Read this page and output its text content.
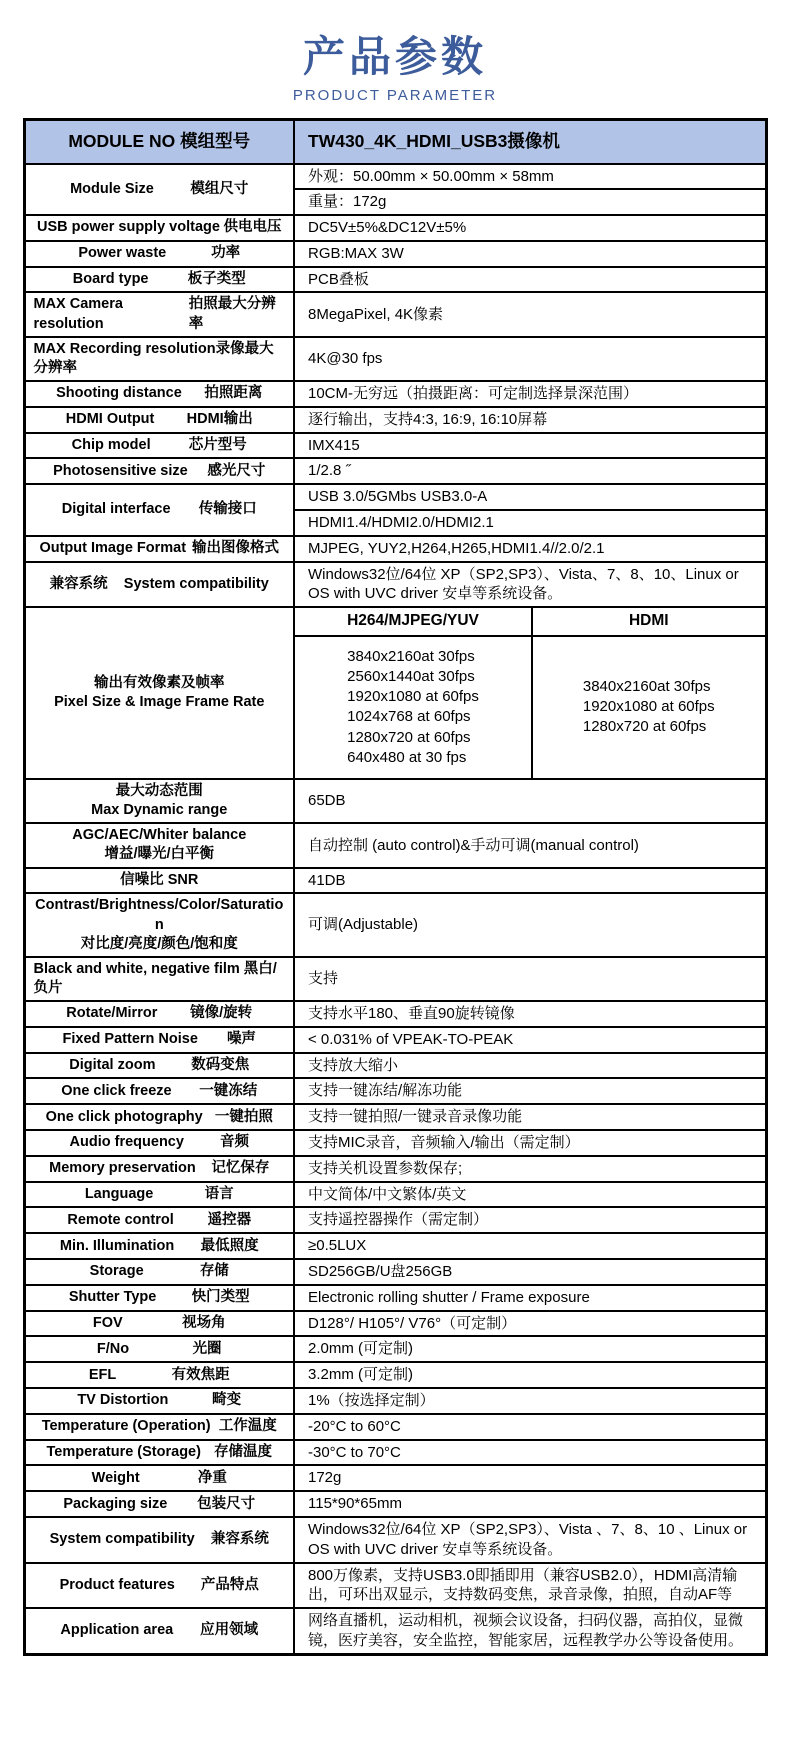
产品参数
PRODUCT PARAMETER
MODULE NO 模组型号	TW430_4K_HDMI_USB3摄像机	

Module Size 模组尺寸	外观：50.00mm × 50.00mm × 58mm	
	重量：172g	

USB power supply voltage 供电电压	DC5V±5%&DC12V±5%	

Power waste 功率	RGB:MAX 3W	

Board type 板子类型	PCB叠板	

MAX Camera resolution
拍照最大分辨率	8MegaPixel, 4K像素	

MAX Recording resolution录像最大分辨率	4K@30 fps	

Shooting distance 拍照距离	10CM-无穷远（拍摄距离：可定制选择景深范围）	

HDMI Output HDMI输出	逐行输出，支持4:3, 16:9, 16:10屏幕	

Chip model 芯片型号	IMX415	

Photosensitive size 感光尺寸	1/2.8 ˝	

Digital interface 传输接口	USB 3.0/5GMbs USB3.0-A	
	HDMI1.4/HDMI2.0/HDMI2.1	

Output Image Format 输出图像格式	MJPEG, YUY2,H264,H265,HDMI1.4//2.0/2.1	

兼容系统 System compatibility	Windows32位/64位 XP（SP2,SP3）、Vista、7、8、10、Linux or OS with UVC driver 安卓等系统设备。	

输出有效像素及帧率
Pixel Size & Image Frame Rate	H264/MJPEG/YUV	HDMI

3840x2160at 30fps
2560x1440at 30fps
1920x1080 at 60fps
1024x768 at 60fps
1280x720 at 60fps
640x480 at 30 fps

3840x2160at 30fps
1920x1080 at 60fps
1280x720 at 60fps

最大动态范围
Max Dynamic range	65DB	

AGC/AEC/Whiter balance
增益/曝光/白平衡	自动控制 (auto control)&手动可调(manual control)	

信噪比 SNR	41DB	

Contrast/Brightness/Color/Saturation
对比度/亮度/颜色/饱和度	可调(Adjustable)	

Black and white, negative film 黑白/负片	支持	

Rotate/Mirror 镜像/旋转	支持水平180、垂直90旋转镜像	

Fixed Pattern Noise 噪声	< 0.031% of VPEAK-TO-PEAK	

Digital zoom 数码变焦	支持放大缩小	

One click freeze 一键冻结	支持一键冻结/解冻功能	

One click photography 一键拍照	支持一键拍照/一键录音录像功能	

Audio frequency 音频	支持MIC录音，音频输入/输出（需定制）	

Memory preservation 记忆保存	支持关机设置参数保存;	

Language 语言	中文简体/中文繁体/英文	

Remote control 遥控器	支持遥控器操作（需定制）	

Min. Illumination 最低照度	≥0.5LUX	

Storage 存储	SD256GB/U盘256GB	

Shutter Type 快门类型	Electronic rolling shutter / Frame exposure	

FOV 视场角	D128°/ H105°/ V76°（可定制）	

F/No 光圈	2.0mm (可定制)	

EFL 有效焦距	3.2mm (可定制)	

TV Distortion 畸变	1%（按选择定制）	

Temperature (Operation) 工作温度	-20°C to 60°C	

Temperature (Storage) 存储温度	-30°C to 70°C	

Weight 净重	172g	

Packaging size 包装尺寸	115*90*65mm	

System compatibility 兼容系统	Windows32位/64位 XP（SP2,SP3）、Vista 、7、8、10 、Linux or OS with UVC driver 安卓等系统设备。	

Product features 产品特点	800万像素，支持USB3.0即插即用（兼容USB2.0），HDMI高清输出，可环出双显示，支持数码变焦，录音录像，拍照，自动AF等	

Application area 应用领域	网络直播机，运动相机，视频会议设备，扫码仪器，高拍仪，显微镜，医疗美容，安全监控，智能家居，远程教学办公等设备使用。	
